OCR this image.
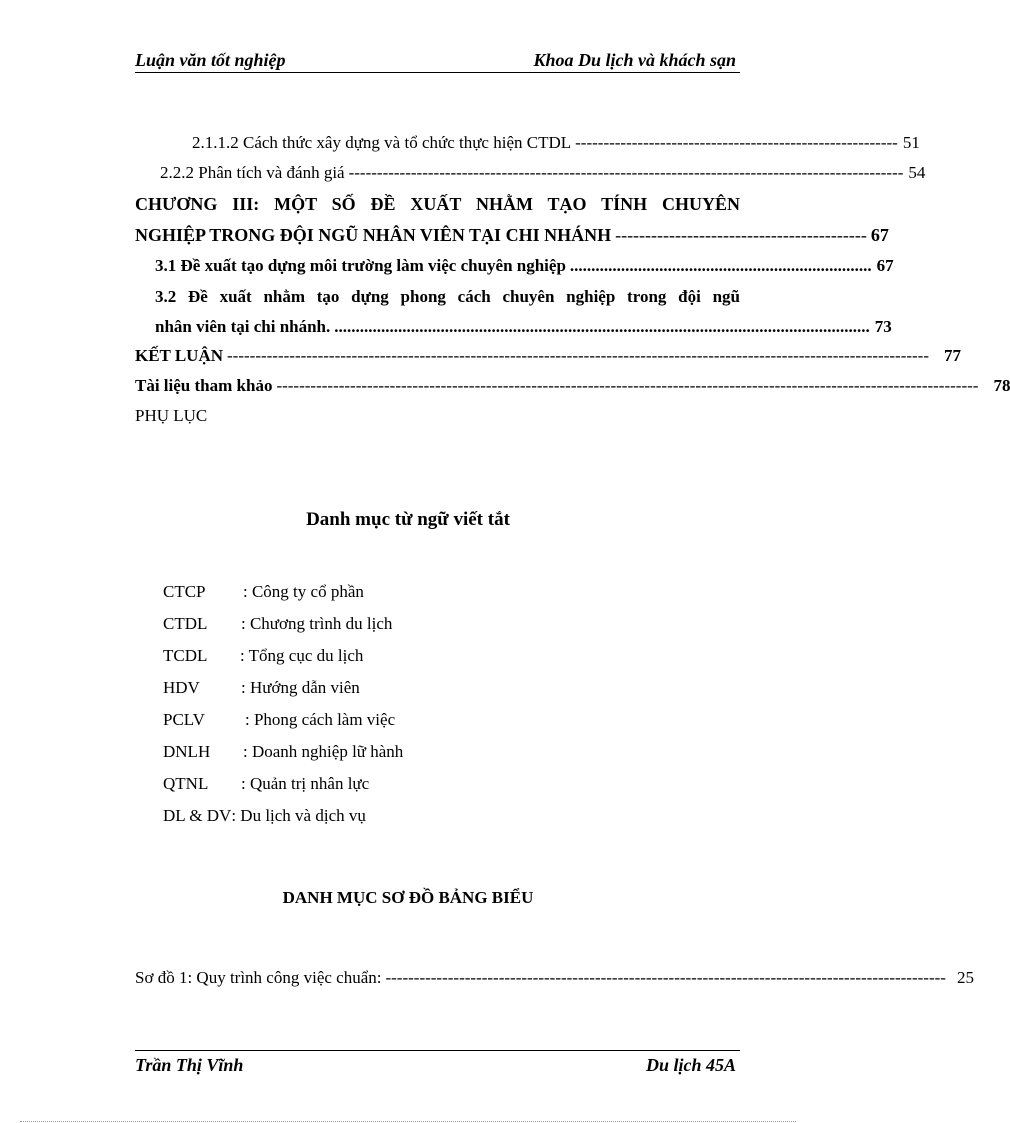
Luận văn tốt nghiệp	Khoa Du lịch và khách sạn
2.1.1.2 Cách thức xây dựng và tổ chức thực hiện CTDL --------------------------------------------------------- 51
2.2.2 Phân tích và đánh giá -------------------------------------------------------------------------------------------------- 54
CHƯƠNG III: MỘT SỐ ĐỀ XUẤT NHẰM TẠO TÍNH CHUYÊN
NGHIỆP TRONG ĐỘI NGŨ NHÂN VIÊN TẠI CHI NHÁNH ------------------------------------------ 67
3.1 Đề xuất tạo dựng môi trường làm việc chuyên nghiệp ....................................................................... 67
3.2 Đề xuất nhằm tạo dựng phong cách chuyên nghiệp trong đội ngũ
nhân viên tại chi nhánh. .............................................................................................................................. 73
KẾT LUẬN ---------------------------------------------------------------------------------------------------------------------------- 77
Tài liệu tham khảo ---------------------------------------------------------------------------------------------------------------------------- 78
PHỤ LỤC
Danh mục từ ngữ viết tắt
CTCP : Công ty cổ phần
CTDL : Chương trình du lịch
TCDL : Tổng cục du lịch
HDV : Hướng dẫn viên
PCLV : Phong cách làm việc
DNLH : Doanh nghiệp lữ hành
QTNL : Quản trị nhân lực
DL & DV: Du lịch và dịch vụ
DANH MỤC SƠ ĐỒ BẢNG BIỂU
Sơ đồ 1: Quy trình công việc chuẩn: --------------------------------------------------------------------------------------------------- 25
Trần Thị Vĩnh	Du lịch 45A
